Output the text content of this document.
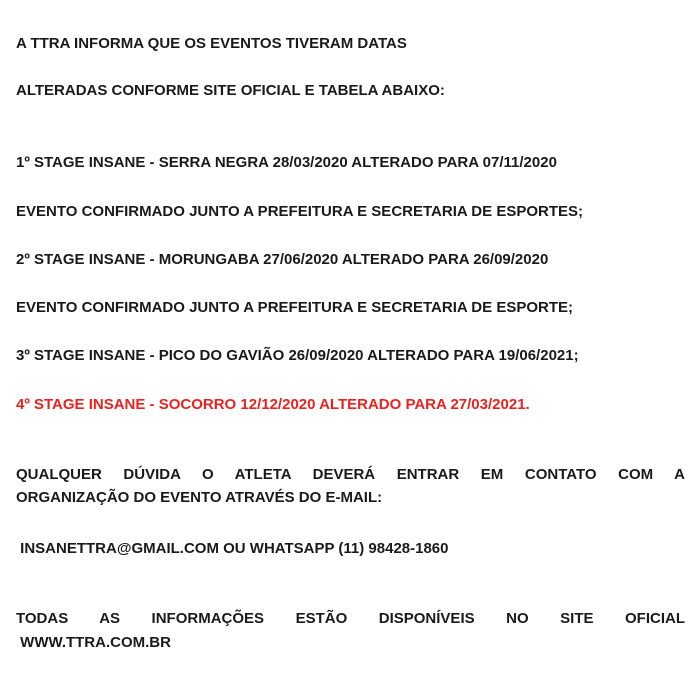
A TTRA INFORMA QUE OS EVENTOS TIVERAM DATAS
ALTERADAS CONFORME SITE OFICIAL E TABELA ABAIXO:
1º STAGE INSANE - SERRA NEGRA 28/03/2020 ALTERADO PARA 07/11/2020
EVENTO CONFIRMADO JUNTO A PREFEITURA E SECRETARIA DE ESPORTES;
2º STAGE INSANE - MORUNGABA 27/06/2020 ALTERADO PARA 26/09/2020
EVENTO CONFIRMADO JUNTO A PREFEITURA E SECRETARIA DE ESPORTE;
3º STAGE INSANE - PICO DO GAVIÃO 26/09/2020 ALTERADO PARA 19/06/2021;
4º STAGE INSANE - SOCORRO 12/12/2020 ALTERADO PARA 27/03/2021.
QUALQUER DÚVIDA O ATLETA DEVERÁ ENTRAR EM CONTATO COM A
ORGANIZAÇÃO DO EVENTO ATRAVÉS DO E-MAIL:
INSANETTRA@GMAIL.COM OU WHATSAPP (11) 98428-1860
TODAS AS INFORMAÇÕES ESTÃO DISPONÍVEIS NO SITE OFICIAL
WWW.TTRA.COM.BR
